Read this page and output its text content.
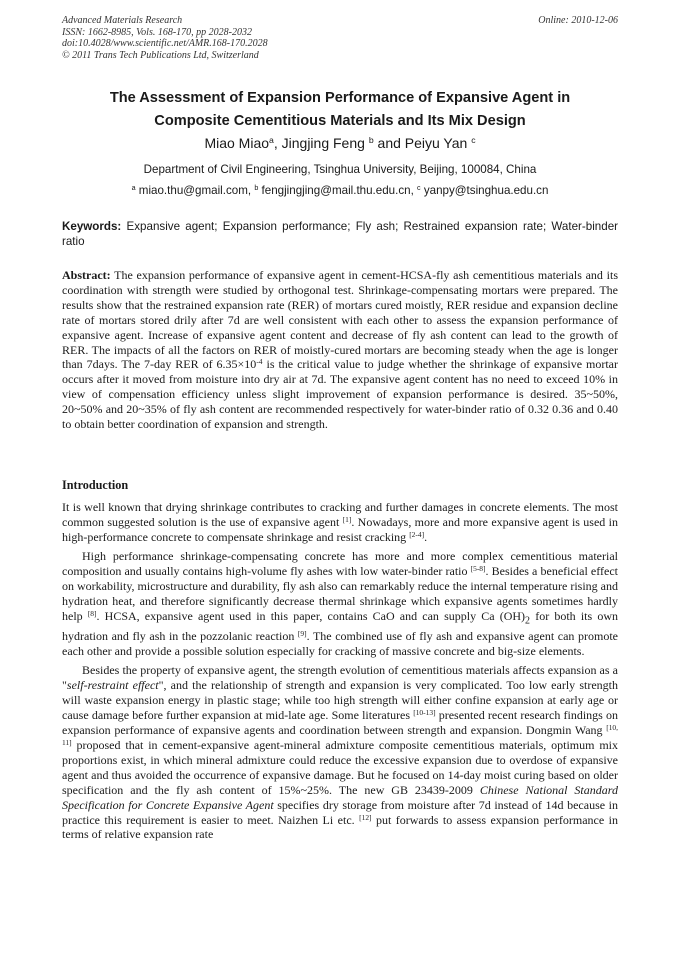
Advanced Materials Research
ISSN: 1662-8985, Vols. 168-170, pp 2028-2032
doi:10.4028/www.scientific.net/AMR.168-170.2028
© 2011 Trans Tech Publications Ltd, Switzerland
Online: 2010-12-06
The Assessment of Expansion Performance of Expansive Agent in
Composite Cementitious Materials and Its Mix Design
Miao Miao$^a$, Jingjing Feng $^b$ and Peiyu Yan $^c$
Department of Civil Engineering, Tsinghua University, Beijing, 100084, China
$^a$ miao.thu@gmail.com, $^b$ fengjingjing@mail.thu.edu.cn, $^c$ yanpy@tsinghua.edu.cn
Keywords: Expansive agent; Expansion performance; Fly ash; Restrained expansion rate; Water-binder ratio
Abstract: The expansion performance of expansive agent in cement-HCSA-fly ash cementitious materials and its coordination with strength were studied by orthogonal test. Shrinkage-compensating mortars were prepared. The results show that the restrained expansion rate (RER) of mortars cured moistly, RER residue and expansion decline rate of mortars stored drily after 7d are well consistent with each other to assess the expansion performance of expansive agent. Increase of expansive agent content and decrease of fly ash content can lead to the growth of RER. The impacts of all the factors on RER of moistly-cured mortars are becoming steady when the age is longer than 7days. The 7-day RER of $6.35\times 10^{-4}$ is the critical value to judge whether the shrinkage of expansive mortar occurs after it moved from moisture into dry air at 7d. The expansive agent content has no need to exceed 10% in view of compensation efficiency unless slight improvement of expansion performance is desired. 35~50%, 20~50% and 20~35% of fly ash content are recommended respectively for water-binder ratio of 0.32 0.36 and 0.40 to obtain better coordination of expansion and strength.
Introduction

It is well known that drying shrinkage contributes to cracking and further damages in concrete elements. The most common suggested solution is the use of expansive agent [1]. Nowadays, more and more expansive agent is used in high-performance concrete to compensate shrinkage and resist cracking [2-4].

High performance shrinkage-compensating concrete has more and more complex cementitious material composition and usually contains high-volume fly ashes with low water-binder ratio [5-8]. Besides a beneficial effect on workability, microstructure and durability, fly ash also can remarkably reduce the internal temperature rising and hydration heat, and therefore significantly decrease thermal shrinkage which expansive agents sometimes hardly help [8]. HCSA, expansive agent used in this paper, contains CaO and can supply Ca $(OH)_2$ for both its own hydration and fly ash in the pozzolanic reaction [9]. The combined use of fly ash and expansive agent can promote each other and provide a possible solution especially for cracking of massive concrete and big-size elements.

Besides the property of expansive agent, the strength evolution of cementitious materials affects expansion as a "self-restraint effect", and the relationship of strength and expansion is very complicated. Too low early strength will waste expansion energy in plastic stage; while too high strength will either confine expansion at early age or cause damage before further expansion at mid-late age. Some literatures [10-13] presented recent research findings on expansion performance of expansive agents and coordination between strength and expansion. Dongmin Wang [10, 11] proposed that in cement-expansive agent-mineral admixture composite cementitious materials, optimum mix proportions exist, in which mineral admixture could reduce the excessive expansion due to overdose of expansive agent and thus avoided the occurrence of expansive damage. But he focused on 14-day moist curing based on older specification and the fly ash content of 15%~25%. The new GB 23439-2009 Chinese National Standard Specification for Concrete Expansive Agent specifies dry storage from moisture after 7d instead of 14d because in practice this requirement is easier to meet. Naizhen Li etc. [12] put forwards to assess expansion performance in terms of relative expansion rate
